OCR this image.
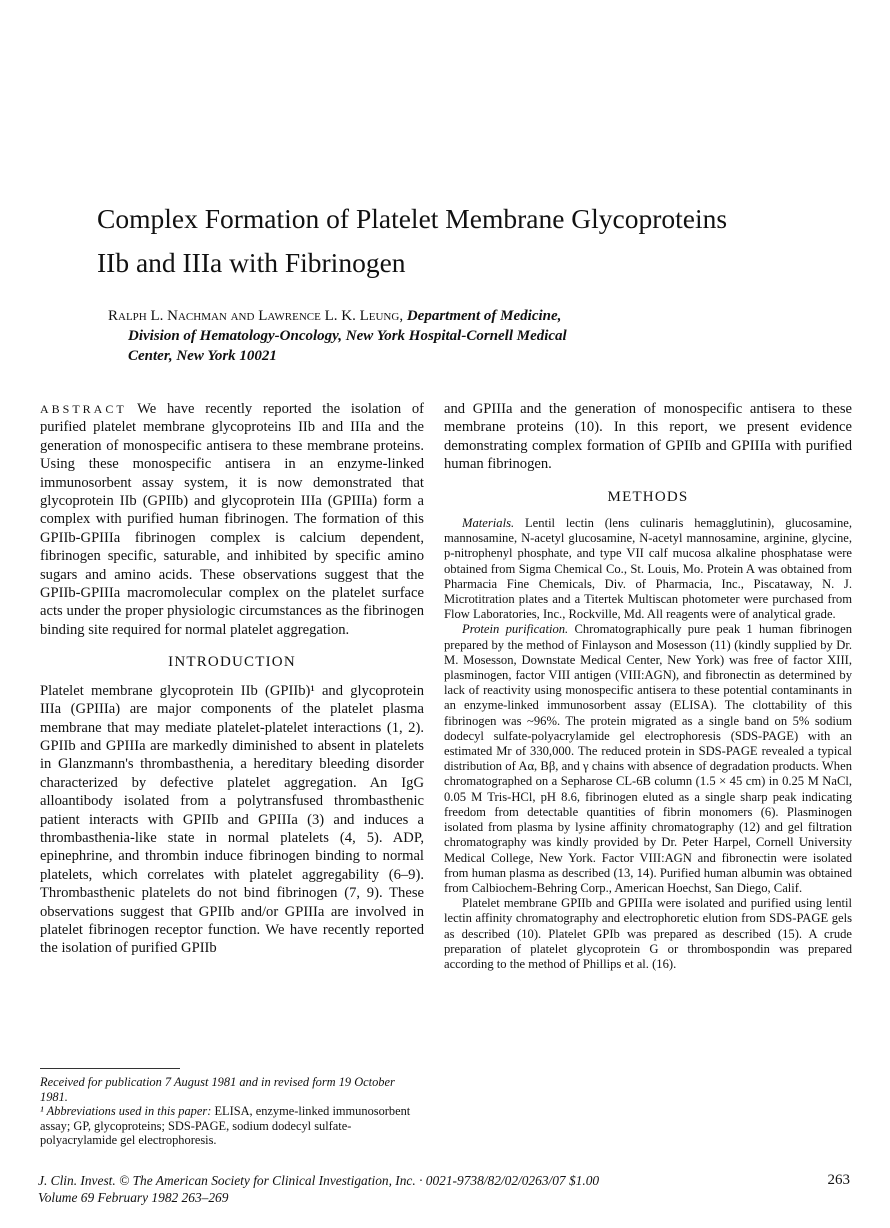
Complex Formation of Platelet Membrane Glycoproteins
IIb and IIIa with Fibrinogen
Ralph L. Nachman and Lawrence L. K. Leung, Department of Medicine,
Division of Hematology-Oncology, New York Hospital-Cornell Medical
Center, New York 10021

ABSTRACT We have recently reported the isolation of purified platelet membrane glycoproteins IIb and IIIa and the generation of monospecific antisera to these membrane proteins. Using these monospecific antisera in an enzyme-linked immunosorbent assay system, it is now demonstrated that glycoprotein IIb (GPIIb) and glycoprotein IIIa (GPIIIa) form a complex with purified human fibrinogen. The formation of this GPIIb-GPIIIa fibrinogen complex is calcium dependent, fibrinogen specific, saturable, and inhibited by specific amino sugars and amino acids. These observations suggest that the GPIIb-GPIIIa macromolecular complex on the platelet surface acts under the proper physiologic circumstances as the fibrinogen binding site required for normal platelet aggregation.

INTRODUCTION

Platelet membrane glycoprotein IIb (GPIIb)¹ and glycoprotein IIIa (GPIIIa) are major components of the platelet plasma membrane that may mediate platelet-platelet interactions (1, 2). GPIIb and GPIIIa are markedly diminished to absent in platelets in Glanzmann's thrombasthenia, a hereditary bleeding disorder characterized by defective platelet aggregation. An IgG alloantibody isolated from a polytransfused thrombasthenic patient interacts with GPIIb and GPIIIa (3) and induces a thrombasthenia-like state in normal platelets (4, 5). ADP, epinephrine, and thrombin induce fibrinogen binding to normal platelets, which correlates with platelet aggregability (6–9). Thrombasthenic platelets do not bind fibrinogen (7, 9). These observations suggest that GPIIb and/or GPIIIa are involved in platelet fibrinogen receptor function. We have recently reported the isolation of purified GPIIb

and GPIIIa and the generation of monospecific antisera to these membrane proteins (10). In this report, we present evidence demonstrating complex formation of GPIIb and GPIIIa with purified human fibrinogen.

METHODS

Materials. Lentil lectin (lens culinaris hemagglutinin), glucosamine, mannosamine, N-acetyl glucosamine, N-acetyl mannosamine, arginine, glycine, p-nitrophenyl phosphate, and type VII calf mucosa alkaline phosphatase were obtained from Sigma Chemical Co., St. Louis, Mo. Protein A was obtained from Pharmacia Fine Chemicals, Div. of Pharmacia, Inc., Piscataway, N. J. Microtitration plates and a Titertek Multiscan photometer were purchased from Flow Laboratories, Inc., Rockville, Md. All reagents were of analytical grade.

Protein purification. Chromatographically pure peak 1 human fibrinogen prepared by the method of Finlayson and Mosesson (11) (kindly supplied by Dr. M. Mosesson, Downstate Medical Center, New York) was free of factor XIII, plasminogen, factor VIII antigen (VIII:AGN), and fibronectin as determined by lack of reactivity using monospecific antisera to these potential contaminants in an enzyme-linked immunosorbent assay (ELISA). The clottability of this fibrinogen was ~96%. The protein migrated as a single band on 5% sodium dodecyl sulfate-polyacrylamide gel electrophoresis (SDS-PAGE) with an estimated Mr of 330,000. The reduced protein in SDS-PAGE revealed a typical distribution of Aα, Bβ, and γ chains with absence of degradation products. When chromatographed on a Sepharose CL-6B column (1.5 × 45 cm) in 0.25 M NaCl, 0.05 M Tris-HCl, pH 8.6, fibrinogen eluted as a single sharp peak indicating freedom from detectable quantities of fibrin monomers (6). Plasminogen isolated from plasma by lysine affinity chromatography (12) and gel filtration chromatography was kindly provided by Dr. Peter Harpel, Cornell University Medical College, New York. Factor VIII:AGN and fibronectin were isolated from human plasma as described (13, 14). Purified human albumin was obtained from Calbiochem-Behring Corp., American Hoechst, San Diego, Calif.

Platelet membrane GPIIb and GPIIIa were isolated and purified using lentil lectin affinity chromatography and electrophoretic elution from SDS-PAGE gels as described (10). Platelet GPIb was prepared as described (15). A crude preparation of platelet glycoprotein G or thrombospondin was prepared according to the method of Phillips et al. (16).

Received for publication 7 August 1981 and in revised form 19 October 1981.

¹ Abbreviations used in this paper: ELISA, enzyme-linked immunosorbent assay; GP, glycoproteins; SDS-PAGE, sodium dodecyl sulfate-polyacrylamide gel electrophoresis.

J. Clin. Invest. © The American Society for Clinical Investigation, Inc. · 0021-9738/82/02/0263/07 $1.00
Volume 69 February 1982 263–269
263
